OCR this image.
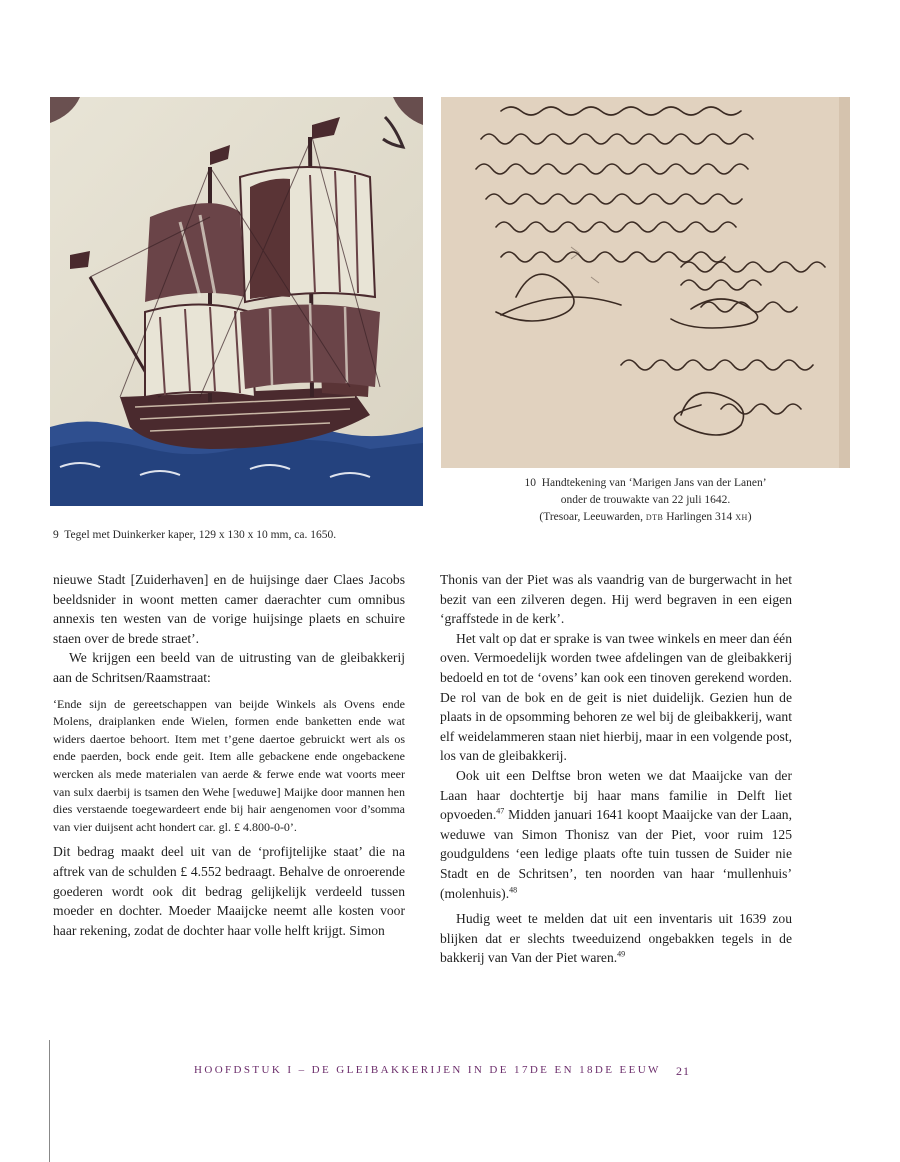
9 Tegel met Duinkerker kaper, 129 x 130 x 10 mm, ca. 1650.
10 Handtekening van ‘Marigen Jans van der Lanen’
onder de trouwakte van 22 juli 1642.
(Tresoar, Leeuwarden, dtb Harlingen 314 xh)

nieuwe Stadt [Zuiderhaven] en de huijsinge daer Claes Jacobs beeldsnider in woont metten camer daerachter cum omnibus annexis ten westen van de vorige huijsinge plaets en schuire staen over de brede straet’.

We krijgen een beeld van de uitrusting van de gleibakkerij aan de Schritsen/Raamstraat:

‘Ende sijn de gereetschappen van beijde Winkels als Ovens ende Molens, draiplanken ende Wielen, formen ende banketten ende wat widers daertoe behoort. Item met t’gene daertoe gebruickt wert als os ende paerden, bock ende geit. Item alle gebackene ende ongebackene wercken als mede materialen van aerde & ferwe ende wat voorts meer van sulx daerbij is tsamen den Wehe [weduwe] Maijke door mannen hen dies verstaende toegewardeert ende bij hair aengenomen voor d’somma van vier duijsent acht hondert car. gl. £ 4.800-0-0’.

Dit bedrag maakt deel uit van de ‘profijtelijke staat’ die na aftrek van de schulden £ 4.552 bedraagt. Behalve de onroerende goederen wordt ook dit bedrag gelijkelijk verdeeld tussen moeder en dochter. Moeder Maaijcke neemt alle kosten voor haar rekening, zodat de dochter haar volle helft krijgt. Simon

Thonis van der Piet was als vaandrig van de burgerwacht in het bezit van een zilveren degen. Hij werd begraven in een eigen ‘graffstede in de kerk’.

Het valt op dat er sprake is van twee winkels en meer dan één oven. Vermoedelijk worden twee afdelingen van de gleibakkerij bedoeld en tot de ‘ovens’ kan ook een tinoven gerekend worden. De rol van de bok en de geit is niet duidelijk. Gezien hun de plaats in de opsomming behoren ze wel bij de gleibakkerij, want elf weidelammeren staan niet hierbij, maar in een volgende post, los van de gleibakkerij.

Ook uit een Delftse bron weten we dat Maaijcke van der Laan haar dochtertje bij haar mans familie in Delft liet opvoeden.$^{47}$ Midden januari 1641 koopt Maaijcke van der Laan, weduwe van Simon Thonisz van der Piet, voor ruim 125 goudguldens ‘een ledige plaats ofte tuin tussen de Suider nie Stadt en de Schritsen’, ten noorden van haar ‘mullenhuis’ (molenhuis).$^{48}$

Hudig weet te melden dat uit een inventaris uit 1639 zou blijken dat er slechts tweeduizend ongebakken tegels in de bakkerij van Van der Piet waren.$^{49}$

HOOFDSTUK I – DE GLEIBAKKERIJEN IN DE 17DE EN 18DE EEUW 21
